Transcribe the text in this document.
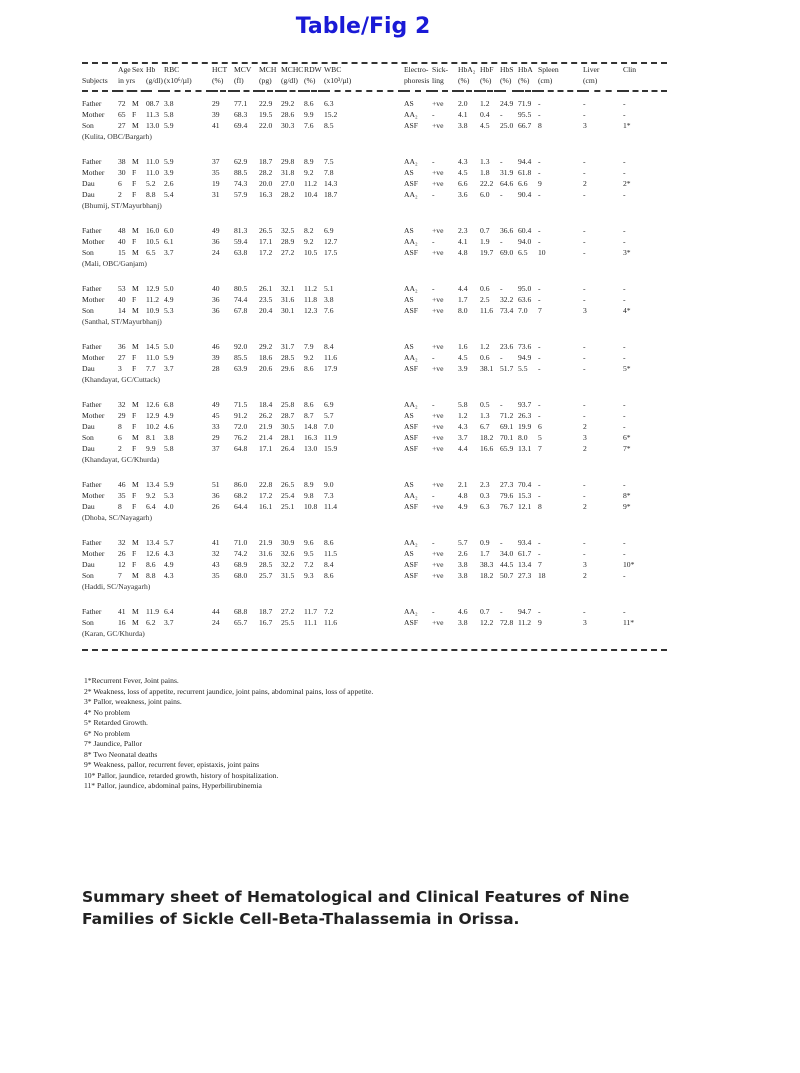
Table/Fig 2
	Age	Sex	Hb	RBC	HCT	MCV	MCH	MCHC	RDW	WBC	Electro-	Sick-	HbA₂	HbF	HbS	HbA	Spleen	Liver	Clin
Subjects	in yrs		(g/dl)	(x10⁶/µl)	(%)	(fl)	(pg)	(g/dl)	(%)	(x10³/µl)	phoresis	ling	(%)	(%)	(%)	(%)	(cm)	(cm)	

Father	72	M	08.7	3.8	29	77.1	22.9	29.2	8.6	6.3	AS	+ve	2.0	1.2	24.9	71.9	-	-	-
Mother	65	F	11.3	5.8	39	68.3	19.5	28.6	9.9	15.2	AA₂	-	4.1	0.4	-	95.5	-	-	-
Son	27	M	13.0	5.9	41	69.4	22.0	30.3	7.6	8.5	ASF	+ve	3.8	4.5	25.0	66.7	8	3	1*
(Kulita, OBC/Bargarh)																			

Father	38	M	11.0	5.9	37	62.9	18.7	29.8	8.9	7.5	AA₂	-	4.3	1.3	-	94.4	-	-	-
Mother	30	F	11.0	3.9	35	88.5	28.2	31.8	9.2	7.8	AS	+ve	4.5	1.8	31.9	61.8	-	-	-
Dau	6	F	5.2	2.6	19	74.3	20.0	27.0	11.2	14.3	ASF	+ve	6.6	22.2	64.6	6.6	9	2	2*
Dau	2	F	8.8	5.4	31	57.9	16.3	28.2	10.4	18.7	AA₂	-	3.6	6.0	-	90.4	-	-	-
(Bhumij, ST/Mayurbhanj)																			

Father	48	M	16.0	6.0	49	81.3	26.5	32.5	8.2	6.9	AS	+ve	2.3	0.7	36.6	60.4	-	-	-
Mother	40	F	10.5	6.1	36	59.4	17.1	28.9	9.2	12.7	AA₂	-	4.1	1.9	-	94.0	-	-	-
Son	15	M	6.5	3.7	24	63.8	17.2	27.2	10.5	17.5	ASF	+ve	4.8	19.7	69.0	6.5	10	-	3*
(Mali, OBC/Ganjam)																			

Father	53	M	12.9	5.0	40	80.5	26.1	32.1	11.2	5.1	AA₂	-	4.4	0.6	-	95.0	-	-	-
Mother	40	F	11.2	4.9	36	74.4	23.5	31.6	11.8	3.8	AS	+ve	1.7	2.5	32.2	63.6	-	-	-
Son	14	M	10.9	5.3	36	67.8	20.4	30.1	12.3	7.6	ASF	+ve	8.0	11.6	73.4	7.0	7	3	4*
(Santhal, ST/Mayurbhanj)																			

Father	36	M	14.5	5.0	46	92.0	29.2	31.7	7.9	8.4	AS	+ve	1.6	1.2	23.6	73.6	-	-	-
Mother	27	F	11.0	5.9	39	85.5	18.6	28.5	9.2	11.6	AA₂	-	4.5	0.6	-	94.9	-	-	-
Dau	3	F	7.7	3.7	28	63.9	20.6	29.6	8.6	17.9	ASF	+ve	3.9	38.1	51.7	5.5	-	-	5*
(Khandayat, GC/Cuttack)																			

Father	32	M	12.6	6.8	49	71.5	18.4	25.8	8.6	6.9	AA₂	-	5.8	0.5	-	93.7	-	-	-
Mother	29	F	12.9	4.9	45	91.2	26.2	28.7	8.7	5.7	AS	+ve	1.2	1.3	71.2	26.3	-	-	-
Dau	8	F	10.2	4.6	33	72.0	21.9	30.5	14.8	7.0	ASF	+ve	4.3	6.7	69.1	19.9	6	2	-
Son	6	M	8.1	3.8	29	76.2	21.4	28.1	16.3	11.9	ASF	+ve	3.7	18.2	70.1	8.0	5	3	6*
Dau	2	F	9.9	5.8	37	64.8	17.1	26.4	13.0	15.9	ASF	+ve	4.4	16.6	65.9	13.1	7	2	7*
(Khandayat, GC/Khurda)																			

Father	46	M	13.4	5.9	51	86.0	22.8	26.5	8.9	9.0	AS	+ve	2.1	2.3	27.3	70.4	-	-	-
Mother	35	F	9.2	5.3	36	68.2	17.2	25.4	9.8	7.3	AA₂	-	4.8	0.3	79.6	15.3	-	-	8*
Dau	8	F	6.4	4.0	26	64.4	16.1	25.1	10.8	11.4	ASF	+ve	4.9	6.3	76.7	12.1	8	2	9*
(Dhoba, SC/Nayagarh)																			

Father	32	M	13.4	5.7	41	71.0	21.9	30.9	9.6	8.6	AA₂	-	5.7	0.9	-	93.4	-	-	-
Mother	26	F	12.6	4.3	32	74.2	31.6	32.6	9.5	11.5	AS	+ve	2.6	1.7	34.0	61.7	-	-	-
Dau	12	F	8.6	4.9	43	68.9	28.5	32.2	7.2	8.4	ASF	+ve	3.8	38.3	44.5	13.4	7	3	10*
Son	7	M	8.8	4.3	35	68.0	25.7	31.5	9.3	8.6	ASF	+ve	3.8	18.2	50.7	27.3	18	2	-
(Haddi, SC/Nayagarh)																			

Father	41	M	11.9	6.4	44	68.8	18.7	27.2	11.7	7.2	AA₂	-	4.6	0.7	-	94.7	-	-	-
Son	16	M	6.2	3.7	24	65.7	16.7	25.5	11.1	11.6	ASF	+ve	3.8	12.2	72.8	11.2	9	3	11*
(Karan, GC/Khurda)																			

1*Recurrent Fever, Joint pains.
2* Weakness, loss of appetite, recurrent jaundice, joint pains, abdominal pains, loss of appetite.
3* Pallor, weakness, joint pains.
4* No problem
5* Retarded Growth.
6* No problem
7* Jaundice, Pallor
8* Two Neonatal deaths
9* Weakness, pallor, recurrent fever, epistaxis, joint pains
10* Pallor, jaundice, retarded growth, history of hospitalization.
11* Pallor, jaundice, abdominal pains, Hyperbilirubinemia
Summary sheet of Hematological and Clinical Features of Nine
Families of Sickle Cell-Beta-Thalassemia in Orissa.
